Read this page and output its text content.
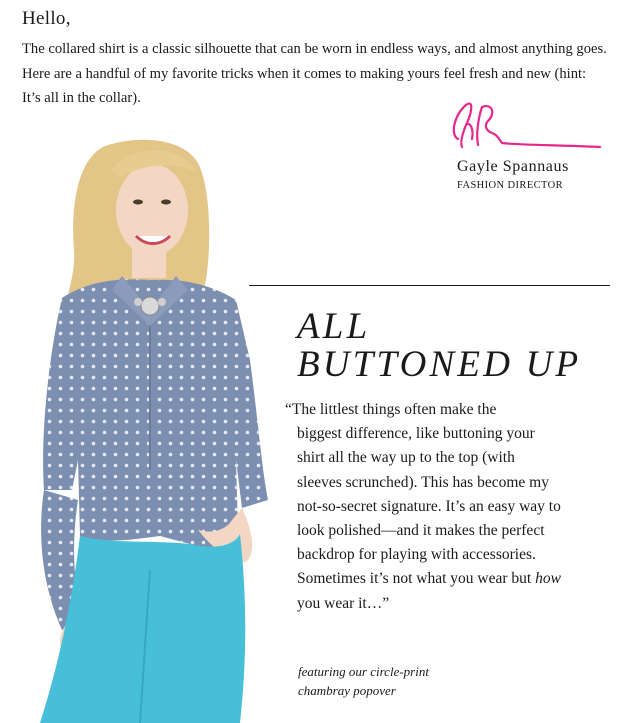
Hello,

The collared shirt is a classic silhouette that can be worn in endless ways, and almost anything goes. Here are a handful of my favorite tricks when it comes to making yours feel fresh and new (hint: It’s all in the collar).

Gayle Spannaus

FASHION DIRECTOR

ALL
BUTTONED UP

“The littlest things often make the
biggest difference, like buttoning your
shirt all the way up to the top (with
sleeves scrunched). This has become my
not-so-secret signature. It’s an easy way to
look polished—and it makes the perfect
backdrop for playing with accessories.
Sometimes it’s not what you wear but how
you wear it…”

featuring our circle-print
chambray popover
